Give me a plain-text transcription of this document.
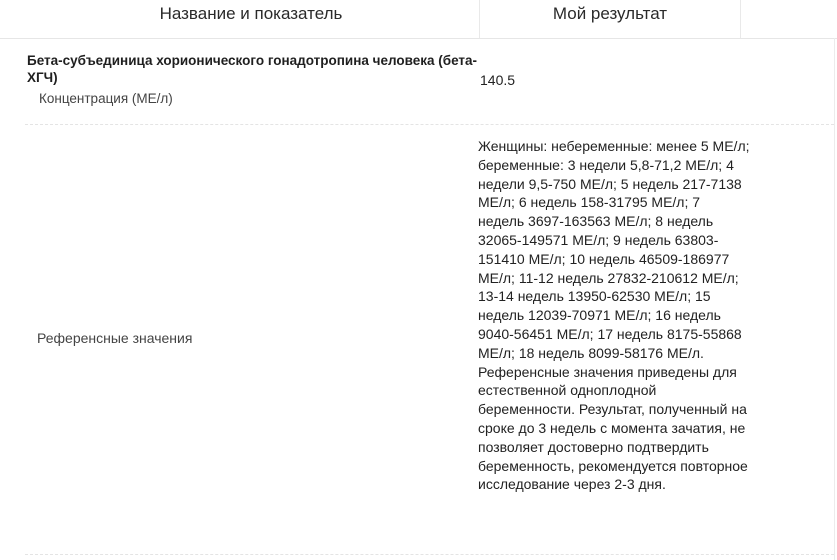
Название и показатель	Мой результат
Бета-субъединица хорионического гонадотропина человека (бета-ХГЧ)
Концентрация (МЕ/л)
140.5
Референсные значения
Женщины: небеременные: менее 5 МЕ/л; беременные: 3 недели 5,8-71,2 МЕ/л; 4 недели 9,5-750 МЕ/л; 5 недель 217-7138 МЕ/л; 6 недель 158-31795 МЕ/л; 7 недель 3697-163563 МЕ/л; 8 недель 32065-149571 МЕ/л; 9 недель 63803-151410 МЕ/л; 10 недель 46509-186977 МЕ/л; 11-12 недель 27832-210612 МЕ/л; 13-14 недель 13950-62530 МЕ/л; 15 недель 12039-70971 МЕ/л; 16 недель 9040-56451 МЕ/л; 17 недель 8175-55868 МЕ/л; 18 недель 8099-58176 МЕ/л. Референсные значения приведены для естественной одноплодной беременности. Результат, полученный на сроке до 3 недель с момента зачатия, не позволяет достоверно подтвердить беременность, рекомендуется повторное исследование через 2-3 дня.
